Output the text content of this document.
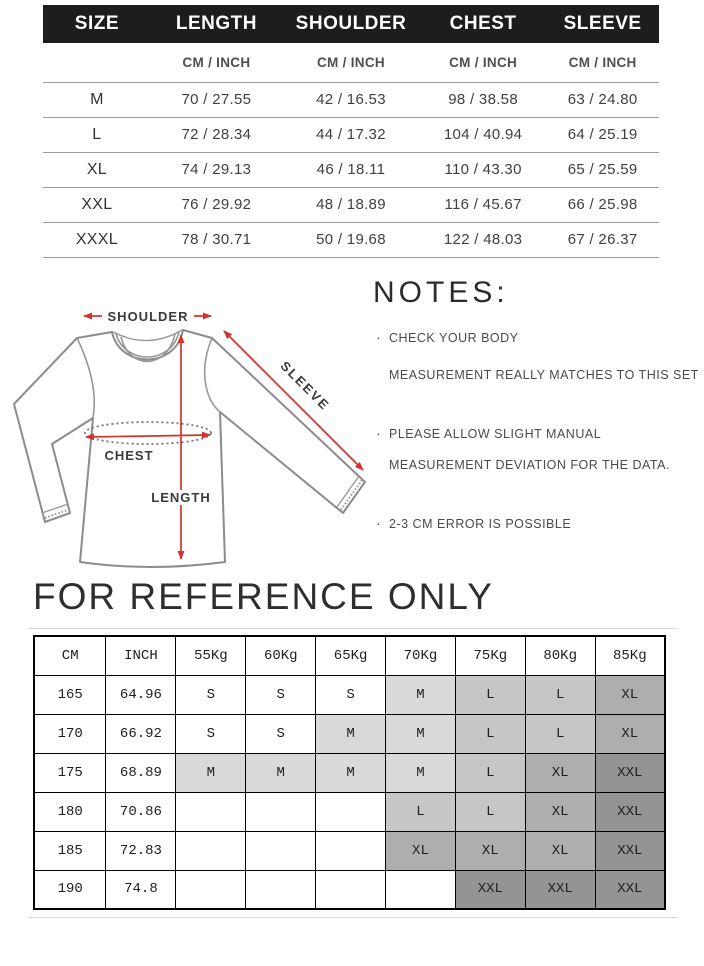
SIZE	LENGTH	SHOULDER	CHEST	SLEEVE
	CM / INCH	CM / INCH	CM / INCH	CM / INCH
M	70 / 27.55	42 / 16.53	98 / 38.58	63 / 24.80
L	72 / 28.34	44 / 17.32	104 / 40.94	64 / 25.19
XL	74 / 29.13	46 / 18.11	110 / 43.30	65 / 25.59
XXL	76 / 29.92	48 / 18.89	116 / 45.67	66 / 25.98
XXXL	78 / 30.71	50 / 19.68	122 / 48.03	67 / 26.37
SHOULDER
LENGTH
CHEST
SLEEVE
NOTES:
· CHECK YOUR BODY
MEASUREMENT REALLY MATCHES TO THIS SET
· PLEASE ALLOW SLIGHT MANUAL
MEASUREMENT DEVIATION FOR THE DATA.
· 2-3 CM ERROR IS POSSIBLE
FOR REFERENCE ONLY
CM	INCH	55Kg	60Kg	65Kg	70Kg	75Kg	80Kg	85Kg
165	64.96	S	S	S	M	L	L	XL
170	66.92	S	S	M	M	L	L	XL
175	68.89	M	M	M	M	L	XL	XXL
180	70.86				L	L	XL	XXL
185	72.83				XL	XL	XL	XXL
190	74.8					XXL	XXL	XXL
